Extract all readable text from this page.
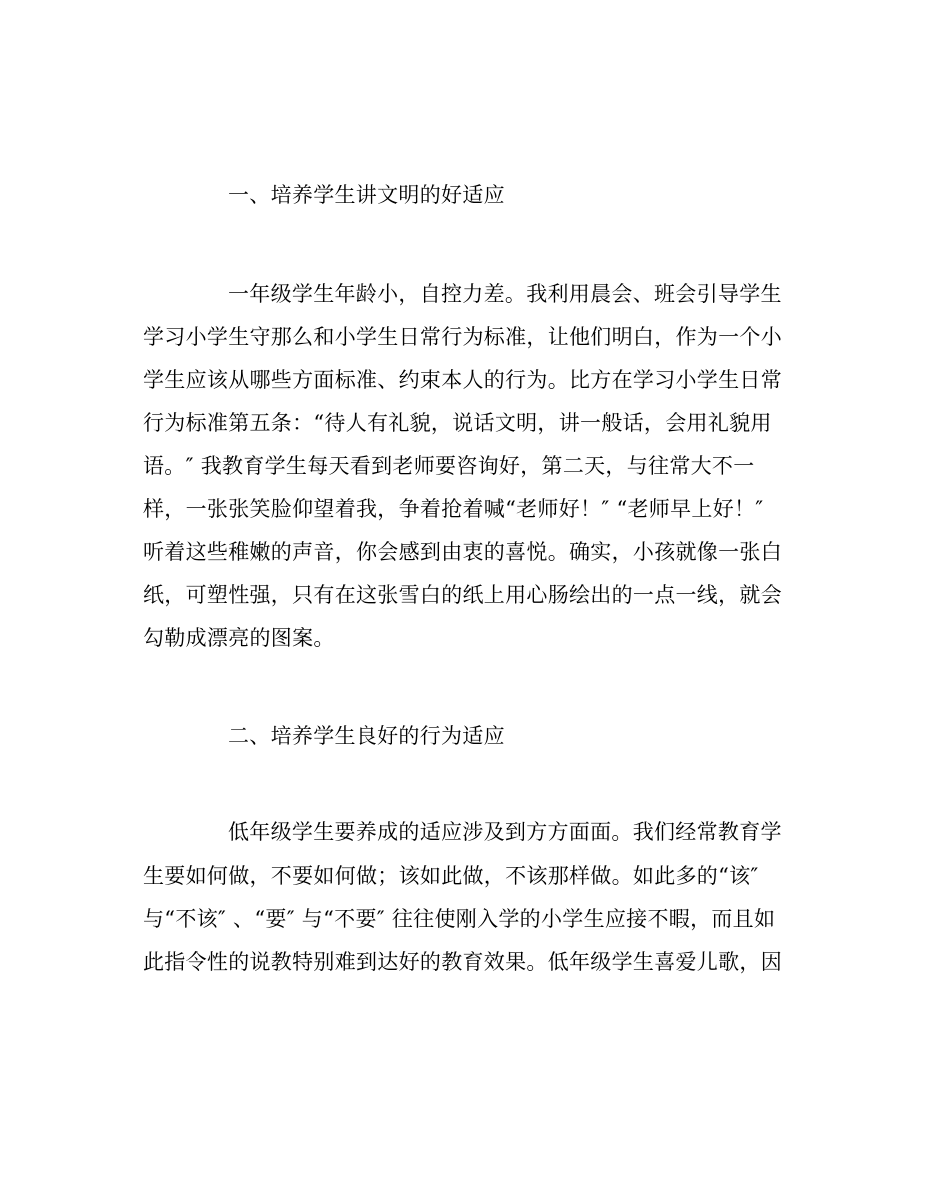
一、培养学生讲文明的好适应
一年级学生年龄小，自控力差。我利用晨会、班会引导学生
学习小学生守那么和小学生日常行为标准，让他们明白，作为一个小
学生应该从哪些方面标准、约束本人的行为。比方在学习小学生日常
行为标准第五条：“待人有礼貌，说话文明，讲一般话，会用礼貌用
语。″ 我教育学生每天看到老师要咨询好，第二天，与往常大不一
样，一张张笑脸仰望着我，争着抢着喊“老师好！″ “老师早上好！″
听着这些稚嫩的声音，你会感到由衷的喜悦。确实，小孩就像一张白
纸，可塑性强，只有在这张雪白的纸上用心肠绘出的一点一线，就会
勾勒成漂亮的图案。
二、培养学生良好的行为适应
低年级学生要养成的适应涉及到方方面面。我们经常教育学
生要如何做，不要如何做；该如此做，不该那样做。如此多的“该″
与“不该″ 、“要″ 与“不要″ 往往使刚入学的小学生应接不暇，而且如
此指令性的说教特别难到达好的教育效果。低年级学生喜爱儿歌，因
